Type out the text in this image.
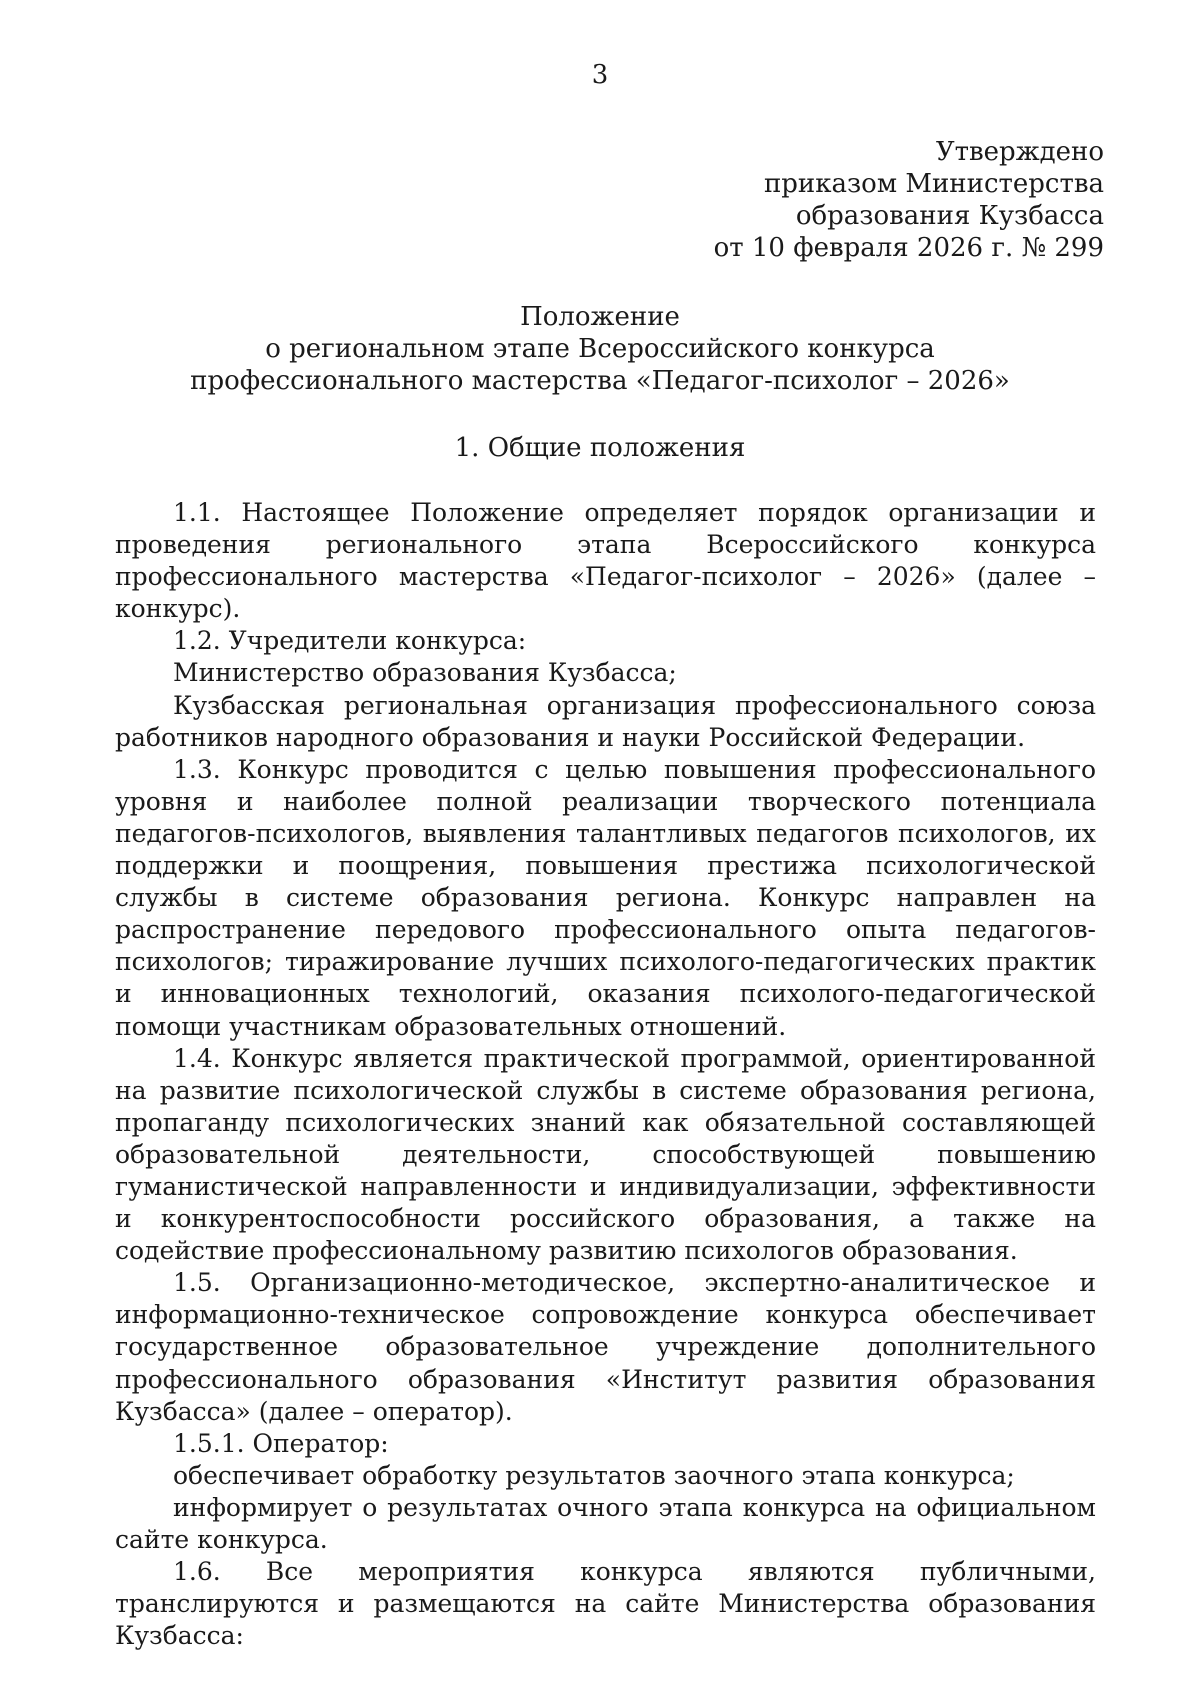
3
Утверждено
приказом Министерства
образования Кузбасса
от 10 февраля 2026 г. № 299
Положение
о региональном этапе Всероссийского конкурса
профессионального мастерства «Педагог-психолог – 2026»
1. Общие положения

1.1. Настоящее Положение определяет порядок организации и проведения регионального этапа Всероссийского конкурса профессионального мастерства «Педагог-психолог – 2026» (далее – конкурс).

1.2. Учредители конкурса:

Министерство образования Кузбасса;

Кузбасская региональная организация профессионального союза работников народного образования и науки Российской Федерации.

1.3. Конкурс проводится с целью повышения профессионального уровня и наиболее полной реализации творческого потенциала педагогов-психологов, выявления талантливых педагогов психологов, их поддержки и поощрения, повышения престижа психологической службы в системе образования региона. Конкурс направлен на распространение передового профессионального опыта педагогов-психологов; тиражирование лучших психолого-педагогических практик и инновационных технологий, оказания психолого-педагогической помощи участникам образовательных отношений.

1.4. Конкурс является практической программой, ориентированной на развитие психологической службы в системе образования региона, пропаганду психологических знаний как обязательной составляющей образовательной деятельности, способствующей повышению гуманистической направленности и индивидуализации, эффективности и конкурентоспособности российского образования, а также на содействие профессиональному развитию психологов образования.

1.5. Организационно-методическое, экспертно-аналитическое и информационно-техническое сопровождение конкурса обеспечивает государственное образовательное учреждение дополнительного профессионального образования «Институт развития образования Кузбасса» (далее – оператор).

1.5.1. Оператор:

обеспечивает обработку результатов заочного этапа конкурса;

информирует о результатах очного этапа конкурса на официальном сайте конкурса.

1.6. Все мероприятия конкурса являются публичными, транслируются и размещаются на сайте Министерства образования Кузбасса:
